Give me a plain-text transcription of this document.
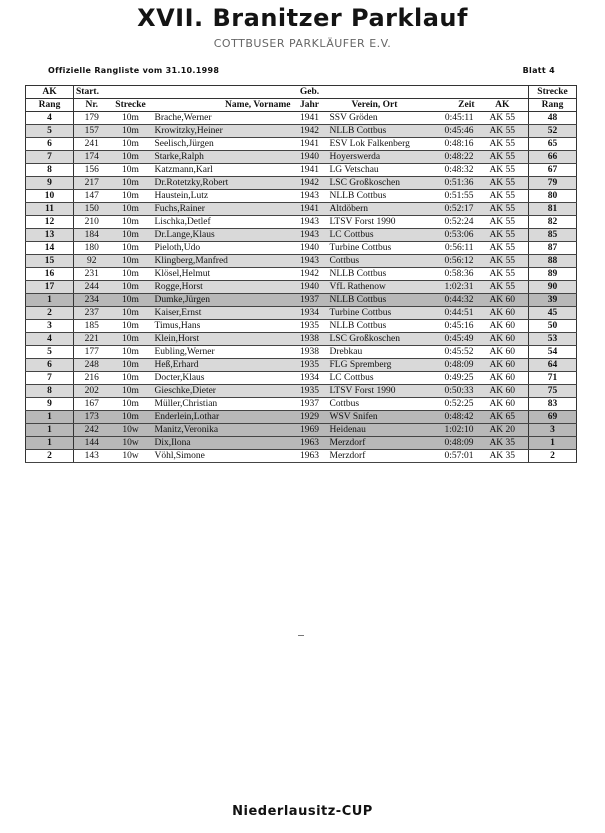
XVII. Branitzer Parklauf
COTTBUSER PARKLÄUFER E.V.
Offizielle Rangliste vom 31.10.1998	Blatt 4
AK	Start.			Geb.				Strecke
Rang	Nr.	Strecke	Name, Vorname	Jahr	Verein, Ort	Zeit	AK	Rang
4	179	10m	Brache,Werner	1941	SSV Gröden	0:45:11	AK 55	48
5	157	10m	Krowitzky,Heiner	1942	NLLB Cottbus	0:45:46	AK 55	52
6	241	10m	Seelisch,Jürgen	1941	ESV Lok Falkenberg	0:48:16	AK 55	65
7	174	10m	Starke,Ralph	1940	Hoyerswerda	0:48:22	AK 55	66
8	156	10m	Katzmann,Karl	1941	LG Vetschau	0:48:32	AK 55	67
9	217	10m	Dr.Rotetzky,Robert	1942	LSC Großkoschen	0:51:36	AK 55	79
10	147	10m	Haustein,Lutz	1943	NLLB Cottbus	0:51:55	AK 55	80
11	150	10m	Fuchs,Rainer	1941	Altdöbern	0:52:17	AK 55	81
12	210	10m	Lischka,Detlef	1943	LTSV Forst 1990	0:52:24	AK 55	82
13	184	10m	Dr.Lange,Klaus	1943	LC Cottbus	0:53:06	AK 55	85
14	180	10m	Pieloth,Udo	1940	Turbine Cottbus	0:56:11	AK 55	87
15	92	10m	Klingberg,Manfred	1943	Cottbus	0:56:12	AK 55	88
16	231	10m	Klösel,Helmut	1942	NLLB Cottbus	0:58:36	AK 55	89
17	244	10m	Rogge,Horst	1940	VfL Rathenow	1:02:31	AK 55	90
1	234	10m	Dumke,Jürgen	1937	NLLB Cottbus	0:44:32	AK 60	39
2	237	10m	Kaiser,Ernst	1934	Turbine Cottbus	0:44:51	AK 60	45
3	185	10m	Timus,Hans	1935	NLLB Cottbus	0:45:16	AK 60	50
4	221	10m	Klein,Horst	1938	LSC Großkoschen	0:45:49	AK 60	53
5	177	10m	Eubling,Werner	1938	Drebkau	0:45:52	AK 60	54
6	248	10m	Heß,Erhard	1935	FLG Spremberg	0:48:09	AK 60	64
7	216	10m	Docter,Klaus	1934	LC Cottbus	0:49:25	AK 60	71
8	202	10m	Gieschke,Dieter	1935	LTSV Forst 1990	0:50:33	AK 60	75
9	167	10m	Müller,Christian	1937	Cottbus	0:52:25	AK 60	83
1	173	10m	Enderlein,Lothar	1929	WSV Snifen	0:48:42	AK 65	69
1	242	10w	Manitz,Veronika	1969	Heidenau	1:02:10	AK 20	3
1	144	10w	Dix,Ilona	1963	Merzdorf	0:48:09	AK 35	1
2	143	10w	Vöhl,Simone	1963	Merzdorf	0:57:01	AK 35	2
Niederlausitz-CUP
